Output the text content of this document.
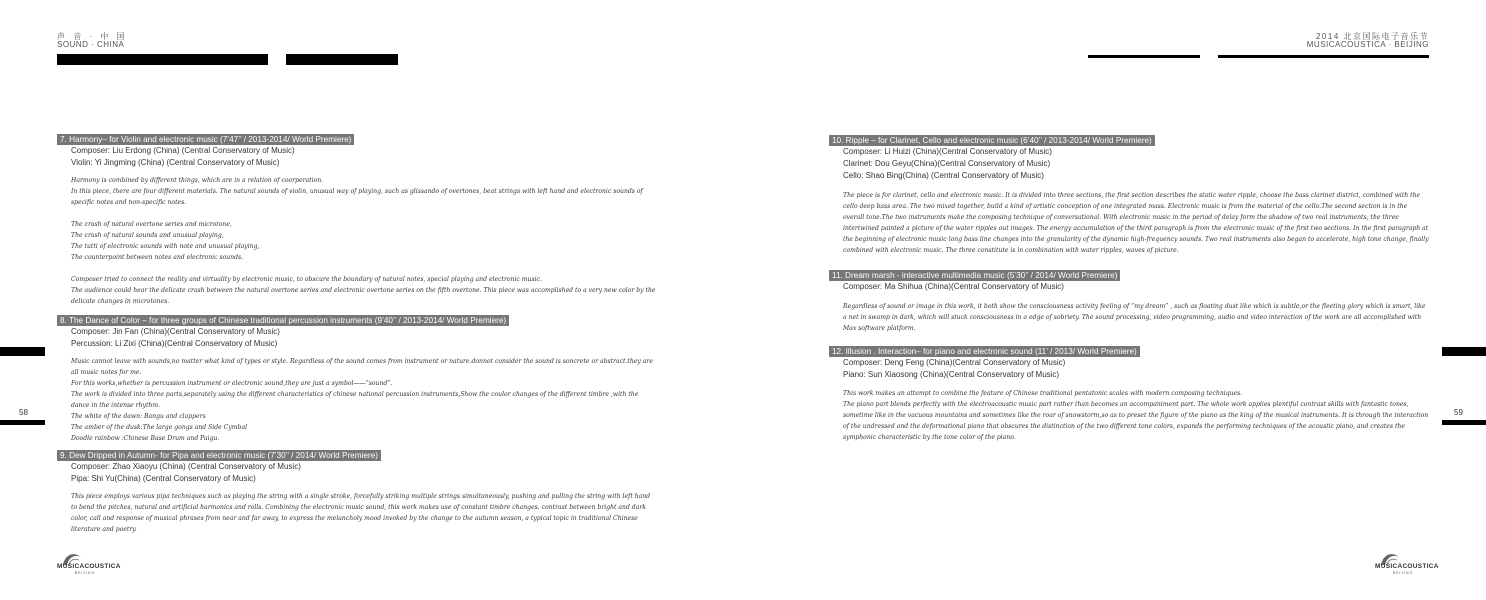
声 音 · 中 国
SOUND · CHINA
2014 北京国际电子音乐节
MUSICACOUSTICA · BEIJING
58	59
7. Harmony– for Violin and electronic music (7’47’’ / 2013-2014/ World Premiere)
Composer: Liu Erdong (China) (Central Conservatory of Music)
Violin: Yi Jingming (China) (Central Conservatory of Music)

Harmony is combined by different things, which are in a relation of coorperation.

In this piece, there are four different materials. The natural sounds of violin, unusual way of playing, such as glissando of overtones, beat strings with left hand and electronic sounds of specific notes and non-specific notes.

The crash of natural overtone series and microtone,

The crash of natural sounds and unusual playing,

The tutti of electronic sounds with note and unusual playing,

The counterpoint between notes and electronic sounds.

Composer tried to connect the reality and virtuality by electronic music, to obscure the boundary of natural notes, special playing and electronic music.

The audience could hear the delicate crash between the natural overtone series and electronic overtone series on the fifth overtone. This piece was accomplished to a very new color by the delicate changes in microtones.

8. The Dance of Color – for three groups of Chinese traditional percussion instruments (9’40’’ / 2013-2014/ World Premiere)
Composer: Jin Fan (China)(Central Conservatory of Music)
Percussion: Li Zixi (China)(Central Conservatory of Music)

Music cannot leave with sounds,no matter what kind of types or style. Regardless of the sound comes from instrument or nature.donnot consider the sound is soncrete or abstract.they are all music notes for me.

For this works,whether is percussion instrument or electronic sound,they are just a symbol——“sound”.

The work is divided into three parts,separately using the different characteristics of chinese national percussion instruments,Show the coulor changes of the different timbre ,with the dance in the intense rhythm.

The white of the dawn: Bangu and clappers

The amber of the dusk:The large gongs and Side Cymbal

Doodle rainbow :Chinese Base Drum and Paigu.

9. Dew Dripped in Autumn- for Pipa and electronic music (7’30’’ / 2014/ World Premiere)
Composer: Zhao Xiaoyu (China) (Central Conservatory of Music)
Pipa: Shi Yu(China) (Central Conservatory of Music)

This piece employs various pipa techniques such as playing the string with a single stroke, forcefully striking multiple strings simultaneously, pushing and pulling the string with left hand to bend the pitches, natural and artificial harmonics and rolls. Combining the electronic music sound, this work makes use of constant timbre changes. contrast between bright and dark color, call and response of musical phrases from near and far away, to express the melancholy mood invoked by the change to the autumn season, a typical topic in traditional Chinese literature and poetry.

10. Ripple – for Clarinet, Cello and electronic music (6’40’’ / 2013-2014/ World Premiere)
Composer: Li Huizi (China)(Central Conservatory of Music)
Clarinet: Dou Geyu(China)(Central Conservatory of Music)
Cello: Shao Bing(China) (Central Conservatory of Music)

The piece is for clarinet, cello and electronic music. It is divided into three sections, the first section describes the static water ripple, choose the bass clarinet district, combined with the cello deep bass area. The two mixed together, build a kind of artistic conception of one integrated mass. Electronic music is from the material of the cello.The second section is in the overall tone.The two instruments make the composing technique of conversational. With electronic music in the period of delay form the shadow of two real instruments, the three intertwined painted a picture of the water ripples out images. The energy accumulation of the third paragraph is from the electronic music of the first two sections. In the first paragraph at the beginning of electronic music long bass line changes into the granularity of the dynamic high-frequency sounds. Two real instruments also began to accelerate, high tone change, finally combined with electronic music. The three constitute is in combination with water ripples, waves of picture.

11. Dream marsh - interactive multimedia music (5’30’’ / 2014/ World Premiere)
Composer: Ma Shihua (China)(Central Conservatory of Music)

Regardless of sound or image in this work, it both show the consciousness activity feeling of “my dream” , such as floating dust like which is subtle,or the fleeting glory which is smart, like a net in swamp in dark, which will stuck consciousness in a edge of sobriety. The sound processing, video programming, audio and video interaction of the work are all accomplished with Max software platform.

12. Illusion . Interaction– for piano and electronic sound (11’ / 2013/ World Premiere)
Composer: Deng Feng (China)(Central Conservatory of Music)
Piano: Sun Xiaosong (China)(Central Conservatory of Music)

This work makes an attempt to combine the feature of Chinese traditional pentatonic scales with modern composing techniques.

The piano part blends perfectly with the electroacoustic music part rather than becomes an accompaniment part. The whole work applies plentiful contrast skills with fantastic tones, sometime like in the vacuous mountains and sometimes like the roar of snowstorm,so as to preset the figure of the piano as the king of the musical instruments. It is through the interaction of the undressed and the deformational piano that obscures the distinction of the two different tone colors, expands the performing techniques of the acoustic piano, and creates the symphonic characteristic by the tone color of the piano.

MUSICACOUSTICA
BEIJING
MUSICACOUSTICA
BEIJING
